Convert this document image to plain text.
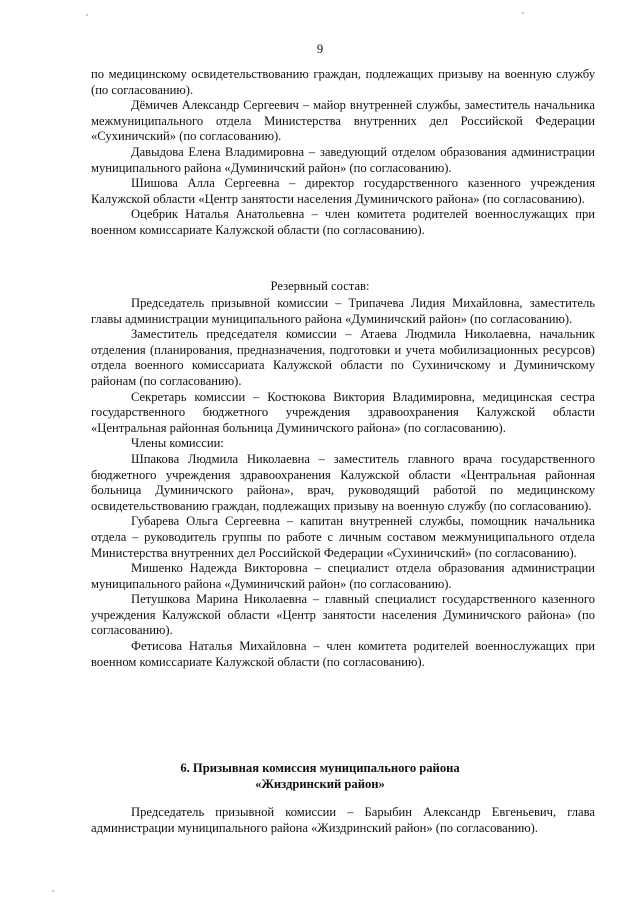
9

по медицинскому освидетельствованию граждан, подлежащих призыву на военную службу (по согласованию).

Дёмичев Александр Сергеевич – майор внутренней службы, заместитель начальника межмуниципального отдела Министерства внутренних дел Российской Федерации «Сухиничский» (по согласованию).

Давыдова Елена Владимировна – заведующий отделом образования администрации муниципального района «Думиничский район» (по согласованию).

Шишова Алла Сергеевна – директор государственного казенного учреждения Калужской области «Центр занятости населения Думиничского района» (по согласованию).

Оцебрик Наталья Анатольевна – член комитета родителей военнослужащих при военном комиссариате Калужской области (по согласованию).

Резервный состав:

Председатель призывной комиссии – Трипачева Лидия Михайловна, заместитель главы администрации муниципального района «Думиничский район» (по согласованию).

Заместитель председателя комиссии – Атаева Людмила Николаевна, начальник отделения (планирования, предназначения, подготовки и учета мобилизационных ресурсов) отдела военного комиссариата Калужской области по Сухиничскому и Думиничскому районам (по согласованию).

Секретарь комиссии – Костюкова Виктория Владимировна, медицинская сестра государственного бюджетного учреждения здравоохранения Калужской области «Центральная районная больница Думиничского района» (по согласованию).

Члены комиссии:

Шпакова Людмила Николаевна – заместитель главного врача государственного бюджетного учреждения здравоохранения Калужской области «Центральная районная больница Думиничского района», врач, руководящий работой по медицинскому освидетельствованию граждан, подлежащих призыву на военную службу (по согласованию).

Губарева Ольга Сергеевна – капитан внутренней службы, помощник начальника отдела – руководитель группы по работе с личным составом межмуниципального отдела Министерства внутренних дел Российской Федерации «Сухиничский» (по согласованию).

Мишенко Надежда Викторовна – специалист отдела образования администрации муниципального района «Думиничский район» (по согласованию).

Петушкова Марина Николаевна – главный специалист государственного казенного учреждения Калужской области «Центр занятости населения Думиничского района» (по согласованию).

Фетисова Наталья Михайловна – член комитета родителей военнослужащих при военном комиссариате Калужской области (по согласованию).

6. Призывная комиссия муниципального района
«Жиздринский район»

Председатель призывной комиссии – Барыбин Александр Евгеньевич, глава администрации муниципального района «Жиздринский район» (по согласованию).
